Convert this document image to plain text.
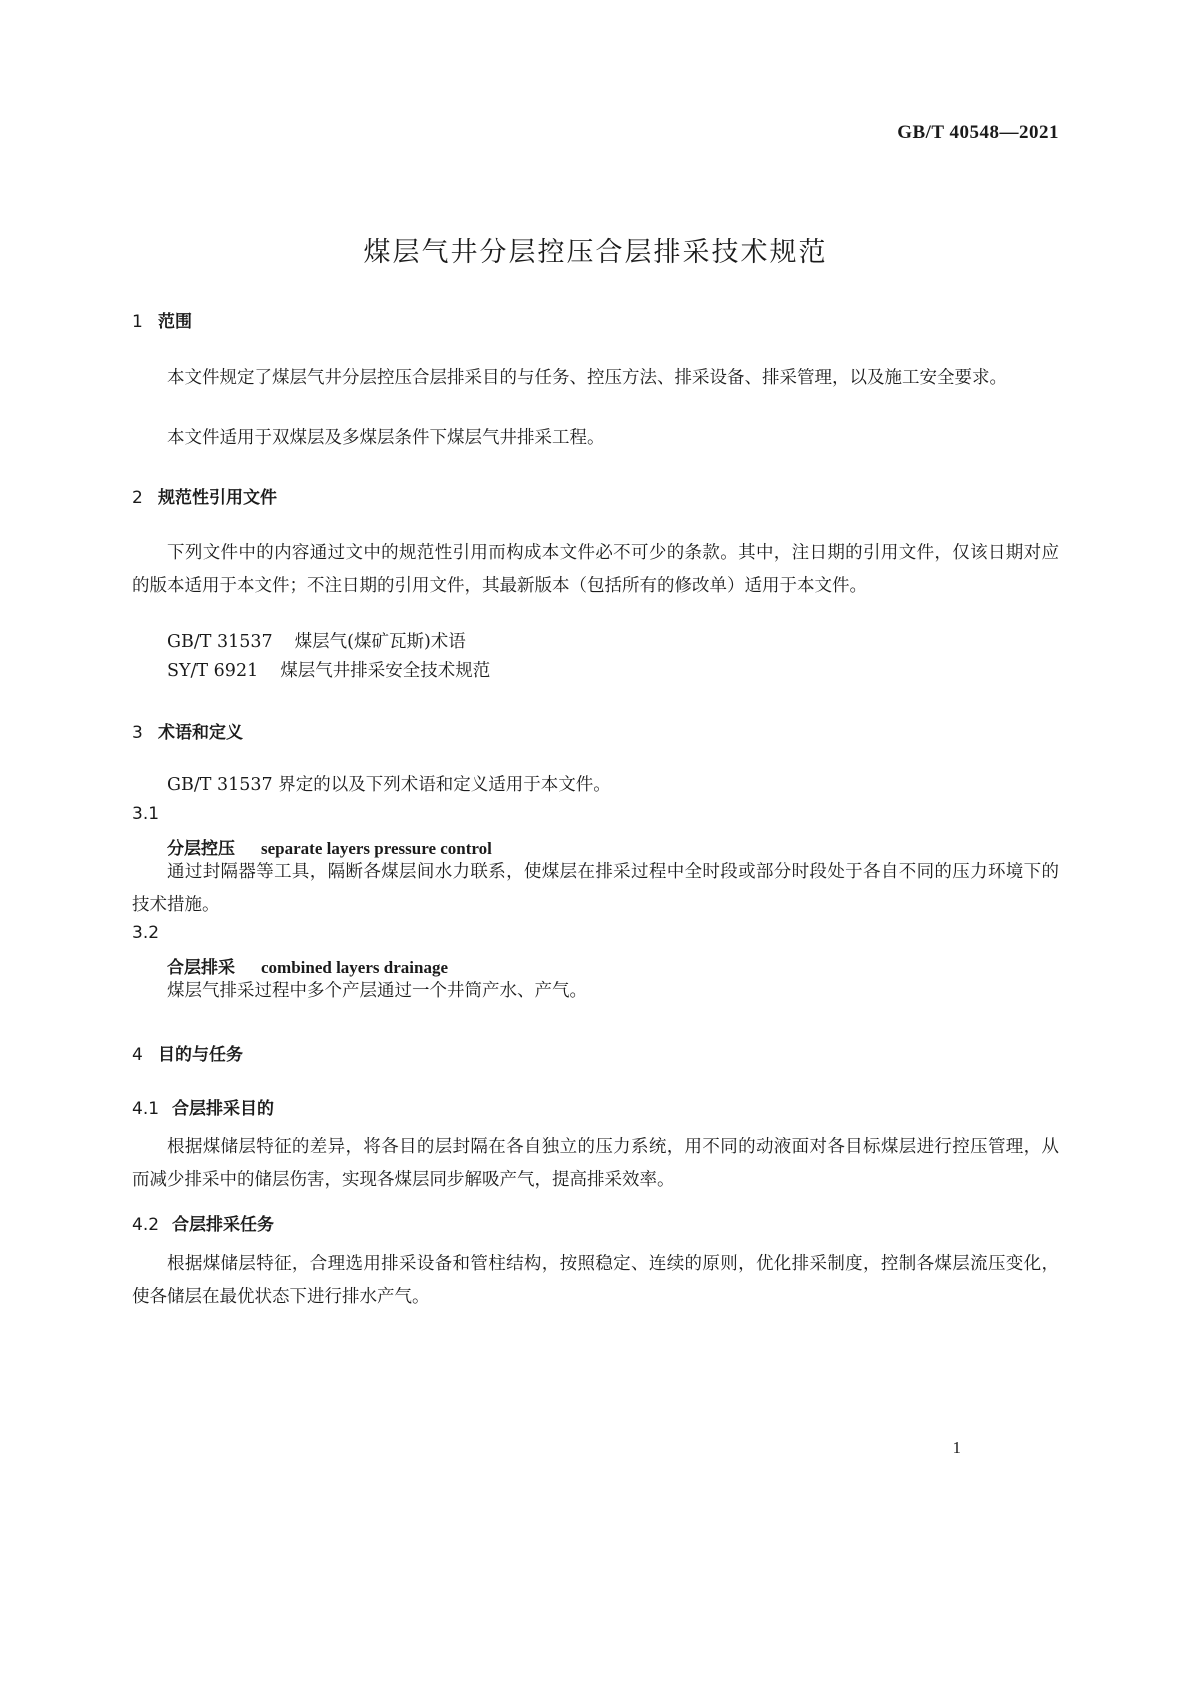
GB/T 40548—2021
煤层气井分层控压合层排采技术规范
1 范围
本文件规定了煤层气井分层控压合层排采目的与任务、控压方法、排采设备、排采管理，以及施工安全要求。
本文件适用于双煤层及多煤层条件下煤层气井排采工程。
2 规范性引用文件
下列文件中的内容通过文中的规范性引用而构成本文件必不可少的条款。其中，注日期的引用文件，仅该日期对应的版本适用于本文件；不注日期的引用文件，其最新版本（包括所有的修改单）适用于本文件。
GB/T 31537 煤层气(煤矿瓦斯)术语
SY/T 6921 煤层气井排采安全技术规范
3 术语和定义
GB/T 31537 界定的以及下列术语和定义适用于本文件。
3.1
分层控压 separate layers pressure control
通过封隔器等工具，隔断各煤层间水力联系，使煤层在排采过程中全时段或部分时段处于各自不同的压力环境下的技术措施。
3.2
合层排采 combined layers drainage
煤层气排采过程中多个产层通过一个井筒产水、产气。
4 目的与任务
4.1 合层排采目的
根据煤储层特征的差异，将各目的层封隔在各自独立的压力系统，用不同的动液面对各目标煤层进行控压管理，从而减少排采中的储层伤害，实现各煤层同步解吸产气，提高排采效率。
4.2 合层排采任务
根据煤储层特征，合理选用排采设备和管柱结构，按照稳定、连续的原则，优化排采制度，控制各煤层流压变化，使各储层在最优状态下进行排水产气。
1
